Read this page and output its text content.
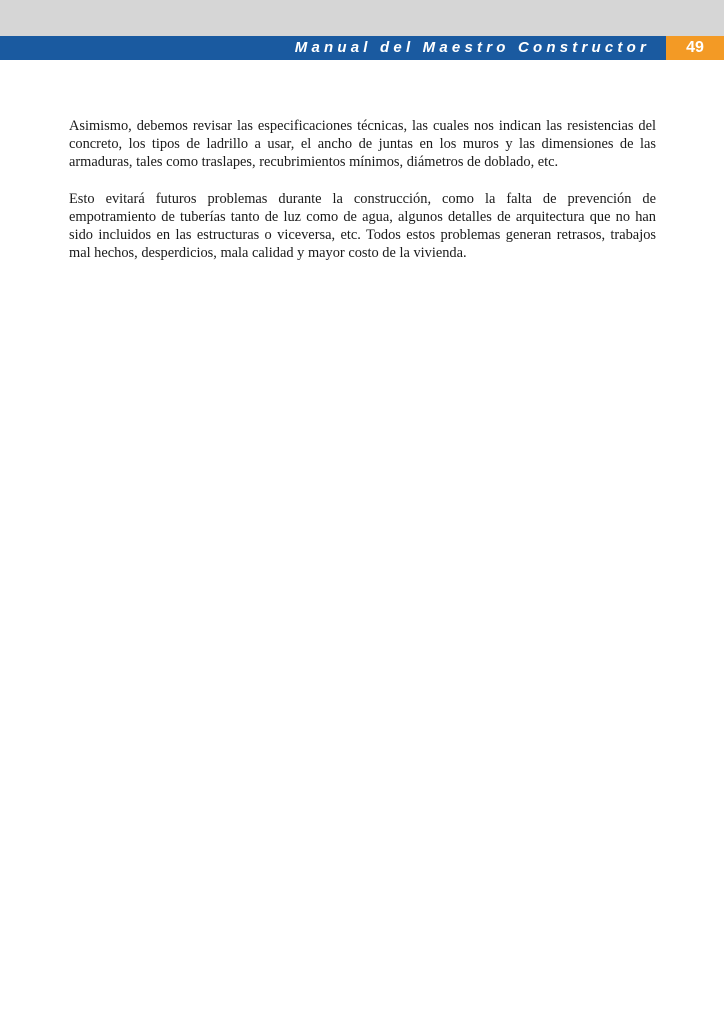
Manual del Maestro Constructor	49

Asimismo, debemos revisar las especificaciones técnicas, las cuales nos indican las resistencias del concreto, los tipos de ladrillo a usar, el ancho de juntas en los muros y las dimensiones de las armaduras, tales como traslapes, recubrimientos mínimos, diámetros de doblado, etc.

Esto evitará futuros problemas durante la construcción, como la falta de prevención de empotramiento de tuberías tanto de luz como de agua, algunos detalles de arquitectura que no han sido incluidos en las estructuras o viceversa, etc. Todos estos problemas generan retrasos, trabajos mal hechos, desperdicios, mala calidad y mayor costo de la vivienda.
